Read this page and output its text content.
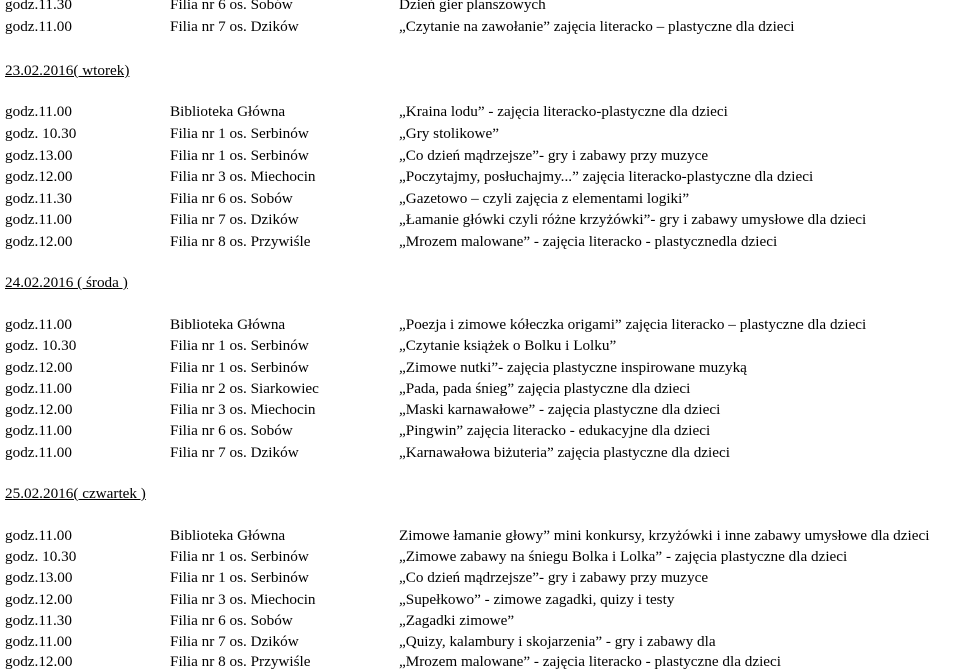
godz.11.30	Filia nr 6 os. Sobów	Dzień gier planszowych
godz.11.00	Filia nr 7 os. Dzików	„Czytanie na zawołanie” zajęcia literacko – plastyczne dla dzieci
23.02.2016( wtorek)
godz.11.00	Biblioteka Główna	„Kraina lodu” - zajęcia literacko-plastyczne dla dzieci
godz. 10.30	Filia nr 1 os. Serbinów	„Gry stolikowe”
godz.13.00	Filia nr 1 os. Serbinów	„Co dzień mądrzejsze”- gry i zabawy przy muzyce
godz.12.00	Filia nr 3 os. Miechocin	„Poczytajmy, posłuchajmy...” zajęcia literacko-plastyczne dla dzieci
godz.11.30	Filia nr 6 os. Sobów	„Gazetowo – czyli zajęcia z elementami logiki”
godz.11.00	Filia nr 7 os. Dzików	„Łamanie główki czyli różne krzyżówki”- gry i zabawy umysłowe dla dzieci
godz.12.00	Filia nr 8 os. Przywiśle	„Mrozem malowane” - zajęcia literacko - plastycznedla dzieci
24.02.2016 ( środa )
godz.11.00	Biblioteka Główna	„Poezja i zimowe kółeczka origami” zajęcia literacko – plastyczne dla dzieci
godz. 10.30	Filia nr 1 os. Serbinów	„Czytanie książek o Bolku i Lolku”
godz.12.00	Filia nr 1 os. Serbinów	„Zimowe nutki”- zajęcia plastyczne inspirowane muzyką
godz.11.00	Filia nr 2 os. Siarkowiec	„Pada, pada śnieg” zajęcia plastyczne dla dzieci
godz.12.00	Filia nr 3 os. Miechocin	„Maski karnawałowe” - zajęcia plastyczne dla dzieci
godz.11.00	Filia nr 6 os. Sobów	„Pingwin” zajęcia literacko - edukacyjne dla dzieci
godz.11.00	Filia nr 7 os. Dzików	„Karnawałowa biżuteria” zajęcia plastyczne dla dzieci
25.02.2016( czwartek )
godz.11.00	Biblioteka Główna	Zimowe łamanie głowy” mini konkursy, krzyżówki i inne zabawy umysłowe dla dzieci
godz. 10.30	Filia nr 1 os. Serbinów	„Zimowe zabawy na śniegu Bolka i Lolka” - zajęcia plastyczne dla dzieci
godz.13.00	Filia nr 1 os. Serbinów	„Co dzień mądrzejsze”- gry i zabawy przy muzyce
godz.12.00	Filia nr 3 os. Miechocin	„Supełkowo” - zimowe zagadki, quizy i testy
godz.11.30	Filia nr 6 os. Sobów	„Zagadki zimowe”
godz.11.00	Filia nr 7 os. Dzików	„Quizy, kalambury i skojarzenia” - gry i zabawy dla
godz.12.00	Filia nr 8 os. Przywiśle	„Mrozem malowane” - zajęcia literacko - plastyczne dla dzieci
